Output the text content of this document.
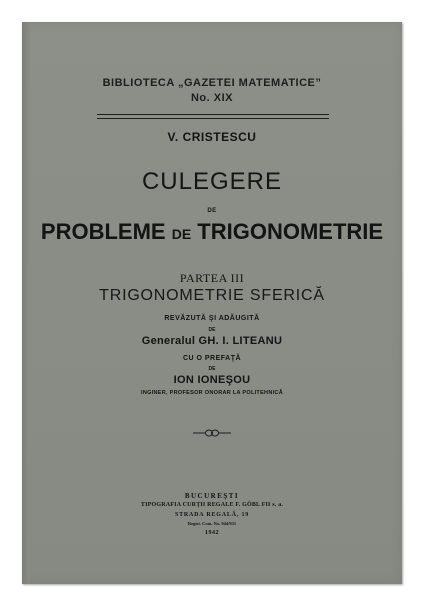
BIBLIOTECA „GAZETEI MATEMATICE”
No. XIX
V. CRISTESCU
CULEGERE
DE
PROBLEME DE TRIGONOMETRIE
PARTEA III
TRIGONOMETRIE SFERICĂ
REVĂZUTĂ ŞI ADĂUGITĂ
DE
Generalul GH. I. LITEANU
CU O PREFAŢĂ
DE
ION IONEŞOU
INGINER, PROFESOR ONORAR LA POLITEHNICĂ
BUCUREŞTI
TIPOGRAFIA CURŢII REGALE F. GÖBL FII s. a.
STRADA REGALĂ, 19
Regist. Com. No. 944/931
1942
